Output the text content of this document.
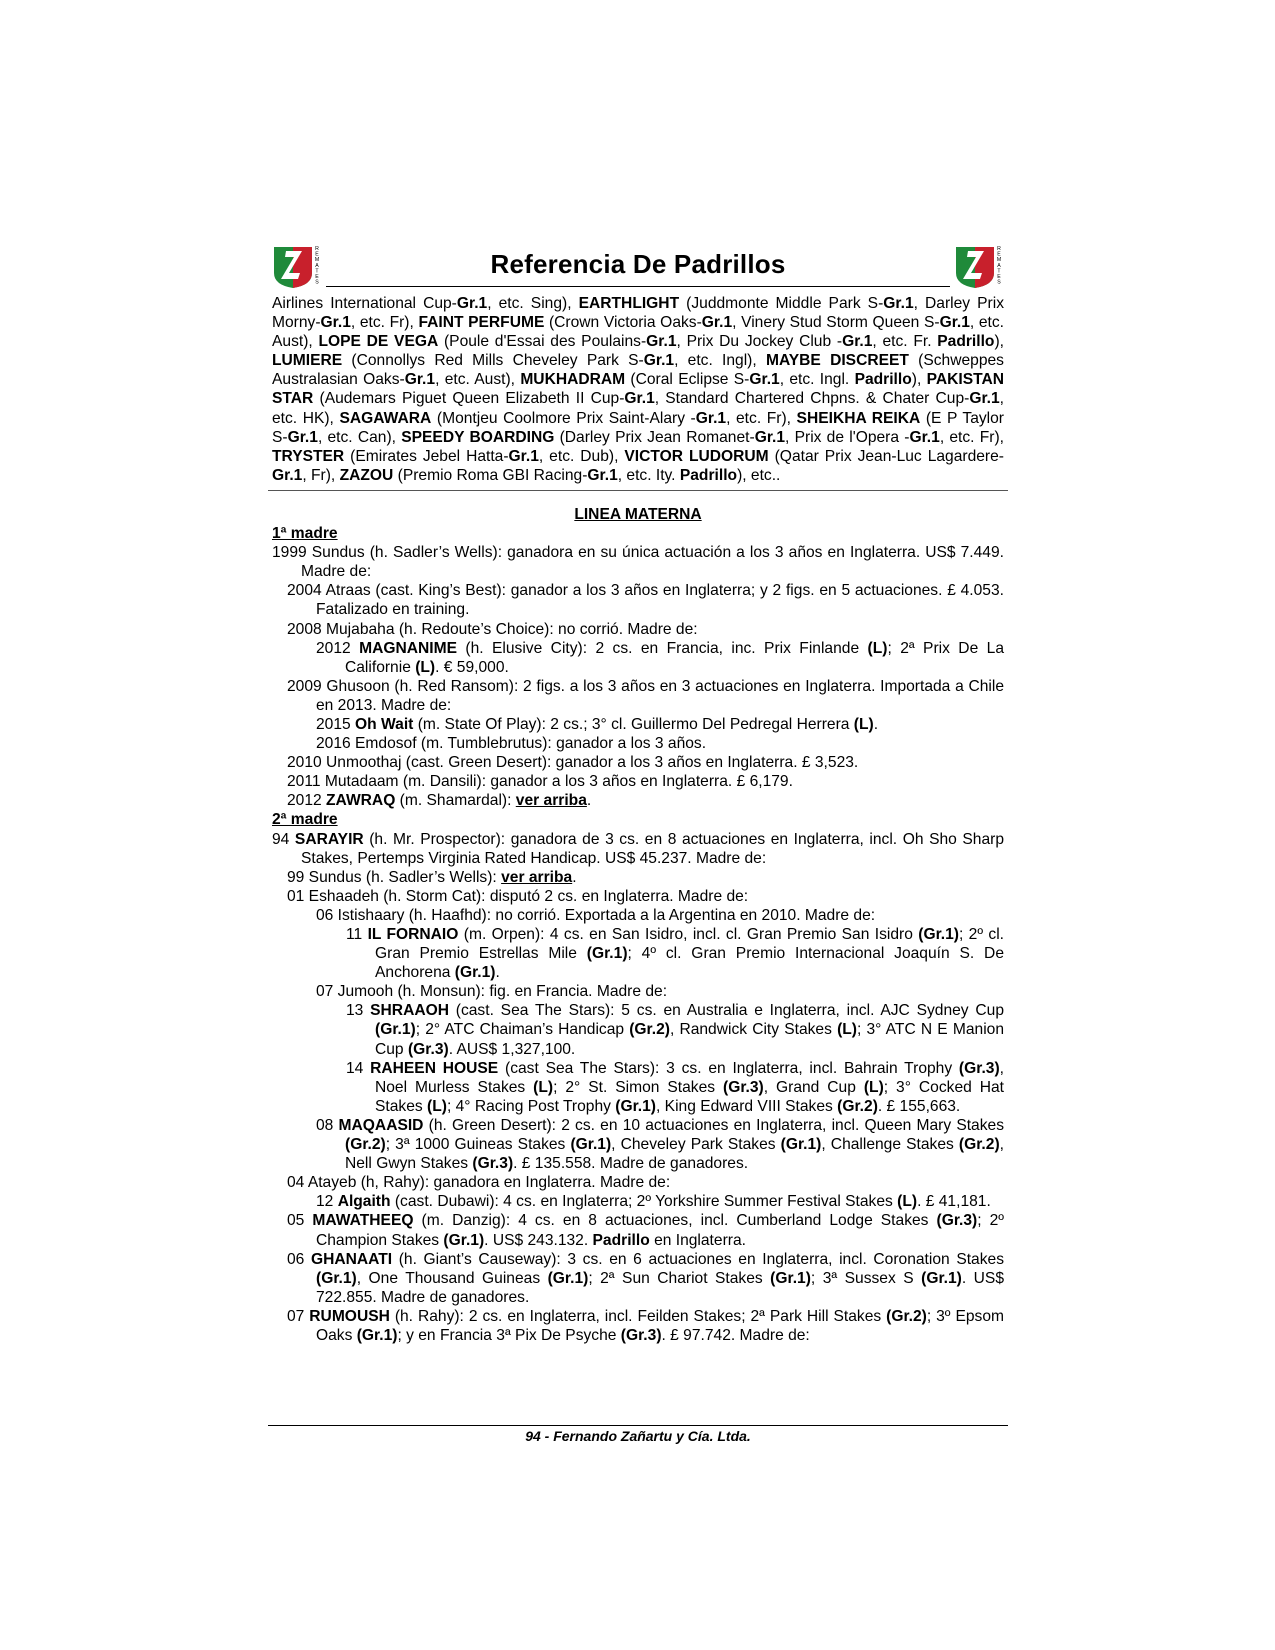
ZL
R
E
M
A
T
E
S
Referencia De Padrillos	ZL
R
E
M
A
T
E
S

Airlines International Cup-Gr.1, etc. Sing), EARTHLIGHT (Juddmonte Middle Park S-Gr.1, Darley Prix Morny-Gr.1, etc. Fr), FAINT PERFUME (Crown Victoria Oaks-Gr.1, Vinery Stud Storm Queen S-Gr.1, etc. Aust), LOPE DE VEGA (Poule d'Essai des Poulains-Gr.1, Prix Du Jockey Club -Gr.1, etc. Fr. Padrillo), LUMIERE (Connollys Red Mills Cheveley Park S-Gr.1, etc. Ingl), MAYBE DISCREET (Schweppes Australasian Oaks-Gr.1, etc. Aust), MUKHADRAM (Coral Eclipse S-Gr.1, etc. Ingl. Padrillo), PAKISTAN STAR (Audemars Piguet Queen Elizabeth II Cup-Gr.1, Standard Chartered Chpns. & Chater Cup-Gr.1, etc. HK), SAGAWARA (Montjeu Coolmore Prix Saint-Alary -Gr.1, etc. Fr), SHEIKHA REIKA (E P Taylor S-Gr.1, etc. Can), SPEEDY BOARDING (Darley Prix Jean Romanet-Gr.1, Prix de l'Opera -Gr.1, etc. Fr), TRYSTER (Emirates Jebel Hatta-Gr.1, etc. Dub), VICTOR LUDORUM (Qatar Prix Jean-Luc Lagardere-Gr.1, Fr), ZAZOU (Premio Roma GBI Racing-Gr.1, etc. Ity. Padrillo), etc..

LINEA MATERNA
1ª madre
1999 Sundus (h. Sadler’s Wells): ganadora en su única actuación a los 3 años en Inglaterra. US$ 7.449. Madre de:
2004 Atraas (cast. King’s Best): ganador a los 3 años en Inglaterra; y 2 figs. en 5 actuaciones. £ 4.053. Fatalizado en training.
2008 Mujabaha (h. Redoute’s Choice): no corrió. Madre de:
2012 MAGNANIME (h. Elusive City): 2 cs. en Francia, inc. Prix Finlande (L); 2ª Prix De La Californie (L). € 59,000.
2009 Ghusoon (h. Red Ransom): 2 figs. a los 3 años en 3 actuaciones en Inglaterra. Importada a Chile en 2013. Madre de:
2015 Oh Wait (m. State Of Play): 2 cs.; 3° cl. Guillermo Del Pedregal Herrera (L).
2016 Emdosof (m. Tumblebrutus): ganador a los 3 años.
2010 Unmoothaj (cast. Green Desert): ganador a los 3 años en Inglaterra. £ 3,523.
2011 Mutadaam (m. Dansili): ganador a los 3 años en Inglaterra. £ 6,179.
2012 ZAWRAQ (m. Shamardal): ver arriba.
2ª madre
94 SARAYIR (h. Mr. Prospector): ganadora de 3 cs. en 8 actuaciones en Inglaterra, incl. Oh Sho Sharp Stakes, Pertemps Virginia Rated Handicap. US$ 45.237. Madre de:
99 Sundus (h. Sadler’s Wells): ver arriba.
01 Eshaadeh (h. Storm Cat): disputó 2 cs. en Inglaterra. Madre de:
06 Istishaary (h. Haafhd): no corrió. Exportada a la Argentina en 2010. Madre de:
11 IL FORNAIO (m. Orpen): 4 cs. en San Isidro, incl. cl. Gran Premio San Isidro (Gr.1); 2º cl. Gran Premio Estrellas Mile (Gr.1); 4º cl. Gran Premio Internacional Joaquín S. De Anchorena (Gr.1).
07 Jumooh (h. Monsun): fig. en Francia. Madre de:
13 SHRAAOH (cast. Sea The Stars): 5 cs. en Australia e Inglaterra, incl. AJC Sydney Cup (Gr.1); 2° ATC Chaiman’s Handicap (Gr.2), Randwick City Stakes (L); 3° ATC N E Manion Cup (Gr.3). AUS$ 1,327,100.
14 RAHEEN HOUSE (cast Sea The Stars): 3 cs. en Inglaterra, incl. Bahrain Trophy (Gr.3), Noel Murless Stakes (L); 2° St. Simon Stakes (Gr.3), Grand Cup (L); 3° Cocked Hat Stakes (L); 4° Racing Post Trophy (Gr.1), King Edward VIII Stakes (Gr.2). £ 155,663.
08 MAQAASID (h. Green Desert): 2 cs. en 10 actuaciones en Inglaterra, incl. Queen Mary Stakes (Gr.2); 3ª 1000 Guineas Stakes (Gr.1), Cheveley Park Stakes (Gr.1), Challenge Stakes (Gr.2), Nell Gwyn Stakes (Gr.3). £ 135.558. Madre de ganadores.
04 Atayeb (h, Rahy): ganadora en Inglaterra. Madre de:
12 Algaith (cast. Dubawi): 4 cs. en Inglaterra; 2º Yorkshire Summer Festival Stakes (L). £ 41,181.
05 MAWATHEEQ (m. Danzig): 4 cs. en 8 actuaciones, incl. Cumberland Lodge Stakes (Gr.3); 2º Champion Stakes (Gr.1). US$ 243.132. Padrillo en Inglaterra.
06 GHANAATI (h. Giant’s Causeway): 3 cs. en 6 actuaciones en Inglaterra, incl. Coronation Stakes (Gr.1), One Thousand Guineas (Gr.1); 2ª Sun Chariot Stakes (Gr.1); 3ª Sussex S (Gr.1). US$ 722.855. Madre de ganadores.
07 RUMOUSH (h. Rahy): 2 cs. en Inglaterra, incl. Feilden Stakes; 2ª Park Hill Stakes (Gr.2); 3º Epsom Oaks (Gr.1); y en Francia 3ª Pix De Psyche (Gr.3). £ 97.742. Madre de:
94 - Fernando Zañartu y Cía. Ltda.
